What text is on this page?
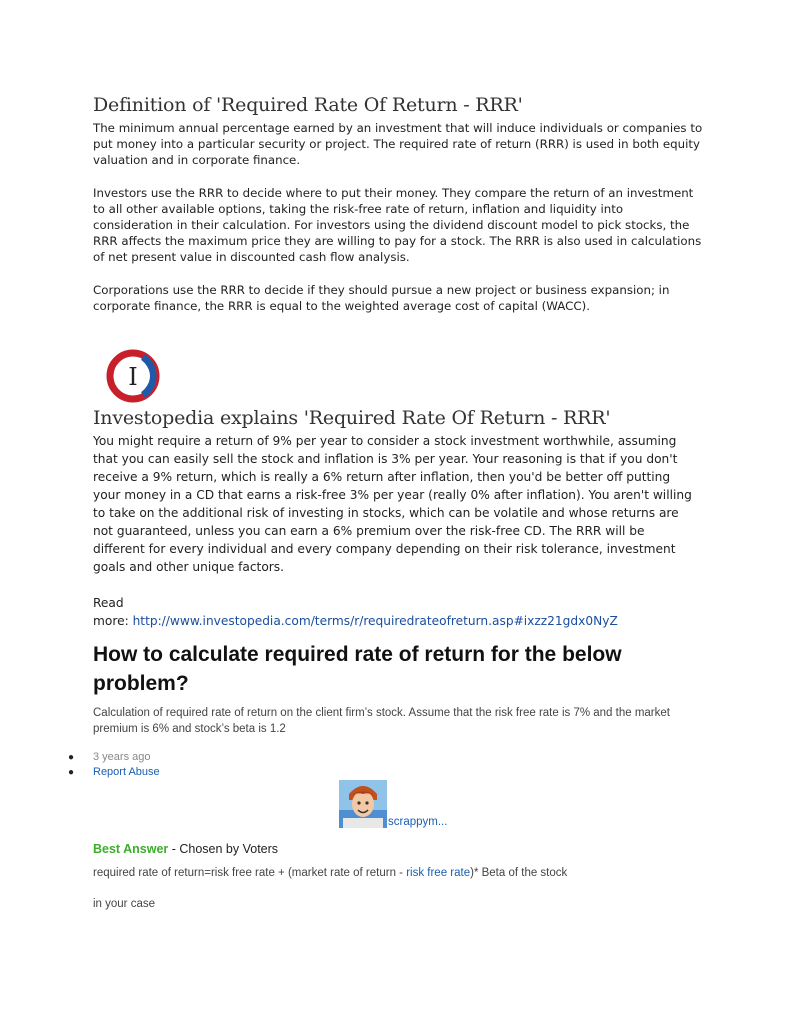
Definition of 'Required Rate Of Return - RRR'

The minimum annual percentage earned by an investment that will induce individuals or companies to put money into a particular security or project. The required rate of return (RRR) is used in both equity valuation and in corporate finance.

Investors use the RRR to decide where to put their money. They compare the return of an investment to all other available options, taking the risk-free rate of return, inflation and liquidity into consideration in their calculation. For investors using the dividend discount model to pick stocks, the RRR affects the maximum price they are willing to pay for a stock. The RRR is also used in calculations of net present value in discounted cash flow analysis.

Corporations use the RRR to decide if they should pursue a new project or business expansion; in corporate finance, the RRR is equal to the weighted average cost of capital (WACC).

I
Investopedia explains 'Required Rate Of Return - RRR'

You might require a return of 9% per year to consider a stock investment worthwhile, assuming that you can easily sell the stock and inflation is 3% per year. Your reasoning is that if you don't receive a 9% return, which is really a 6% return after inflation, then you'd be better off putting your money in a CD that earns a risk-free 3% per year (really 0% after inflation). You aren't willing to take on the additional risk of investing in stocks, which can be volatile and whose returns are not guaranteed, unless you can earn a 6% premium over the risk-free CD. The RRR will be different for every individual and every company depending on their risk tolerance, investment goals and other unique factors.

Read
more: http://www.investopedia.com/terms/r/requiredrateofreturn.asp#ixzz21gdx0NyZ
How to calculate required rate of return for the below problem?

Calculation of required rate of return on the client firm’s stock. Assume that the risk free rate is 7% and the market premium is 6% and stock’s beta is 1.2

● 3 years ago
● Report Abuse
scrappym...
Best Answer - Chosen by Voters
required rate of return=risk free rate + (market rate of return - risk free rate)* Beta of the stock
in your case
